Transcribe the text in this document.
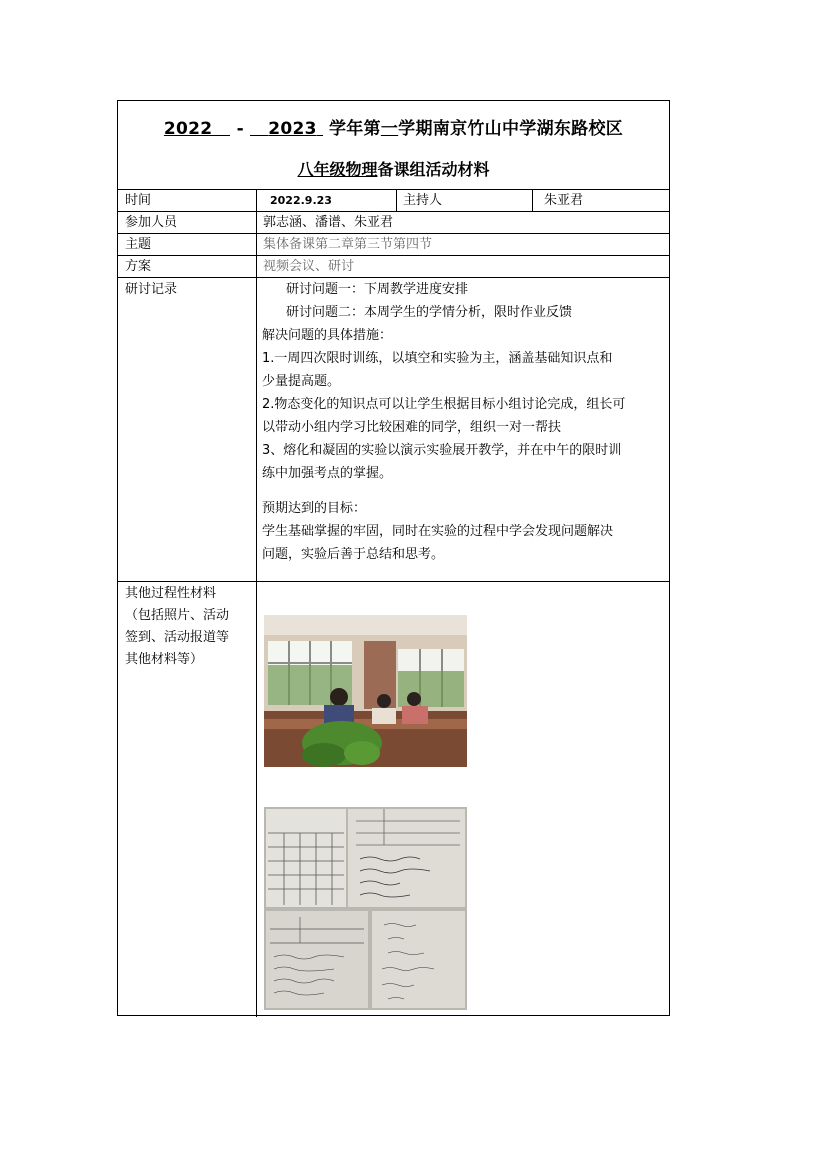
2022 - 2023 学年第一学期南京竹山中学湖东路校区
八年级物理备课组活动材料
时间	2022.9.23	主持人	朱亚君
参加人员	郭志涵、潘谱、朱亚君
主题	集体备课第二章第三节第四节
方案	视频会议、研讨
研讨记录	研讨问题一：下周教学进度安排

研讨问题二：本周学生的学情分析，限时作业反馈

解决问题的具体措施：

1.一周四次限时训练，以填空和实验为主，涵盖基础知识点和

少量提高题。

2.物态变化的知识点可以让学生根据目标小组讨论完成，组长可

以带动小组内学习比较困难的同学，组织一对一帮扶

3、熔化和凝固的实验以演示实验展开教学，并在中午的限时训

练中加强考点的掌握。

预期达到的目标：

学生基础掌握的牢固，同时在实验的过程中学会发现问题解决

问题，实验后善于总结和思考。

其他过程性材料
（包括照片、活动
签到、活动报道等
其他材料等）
